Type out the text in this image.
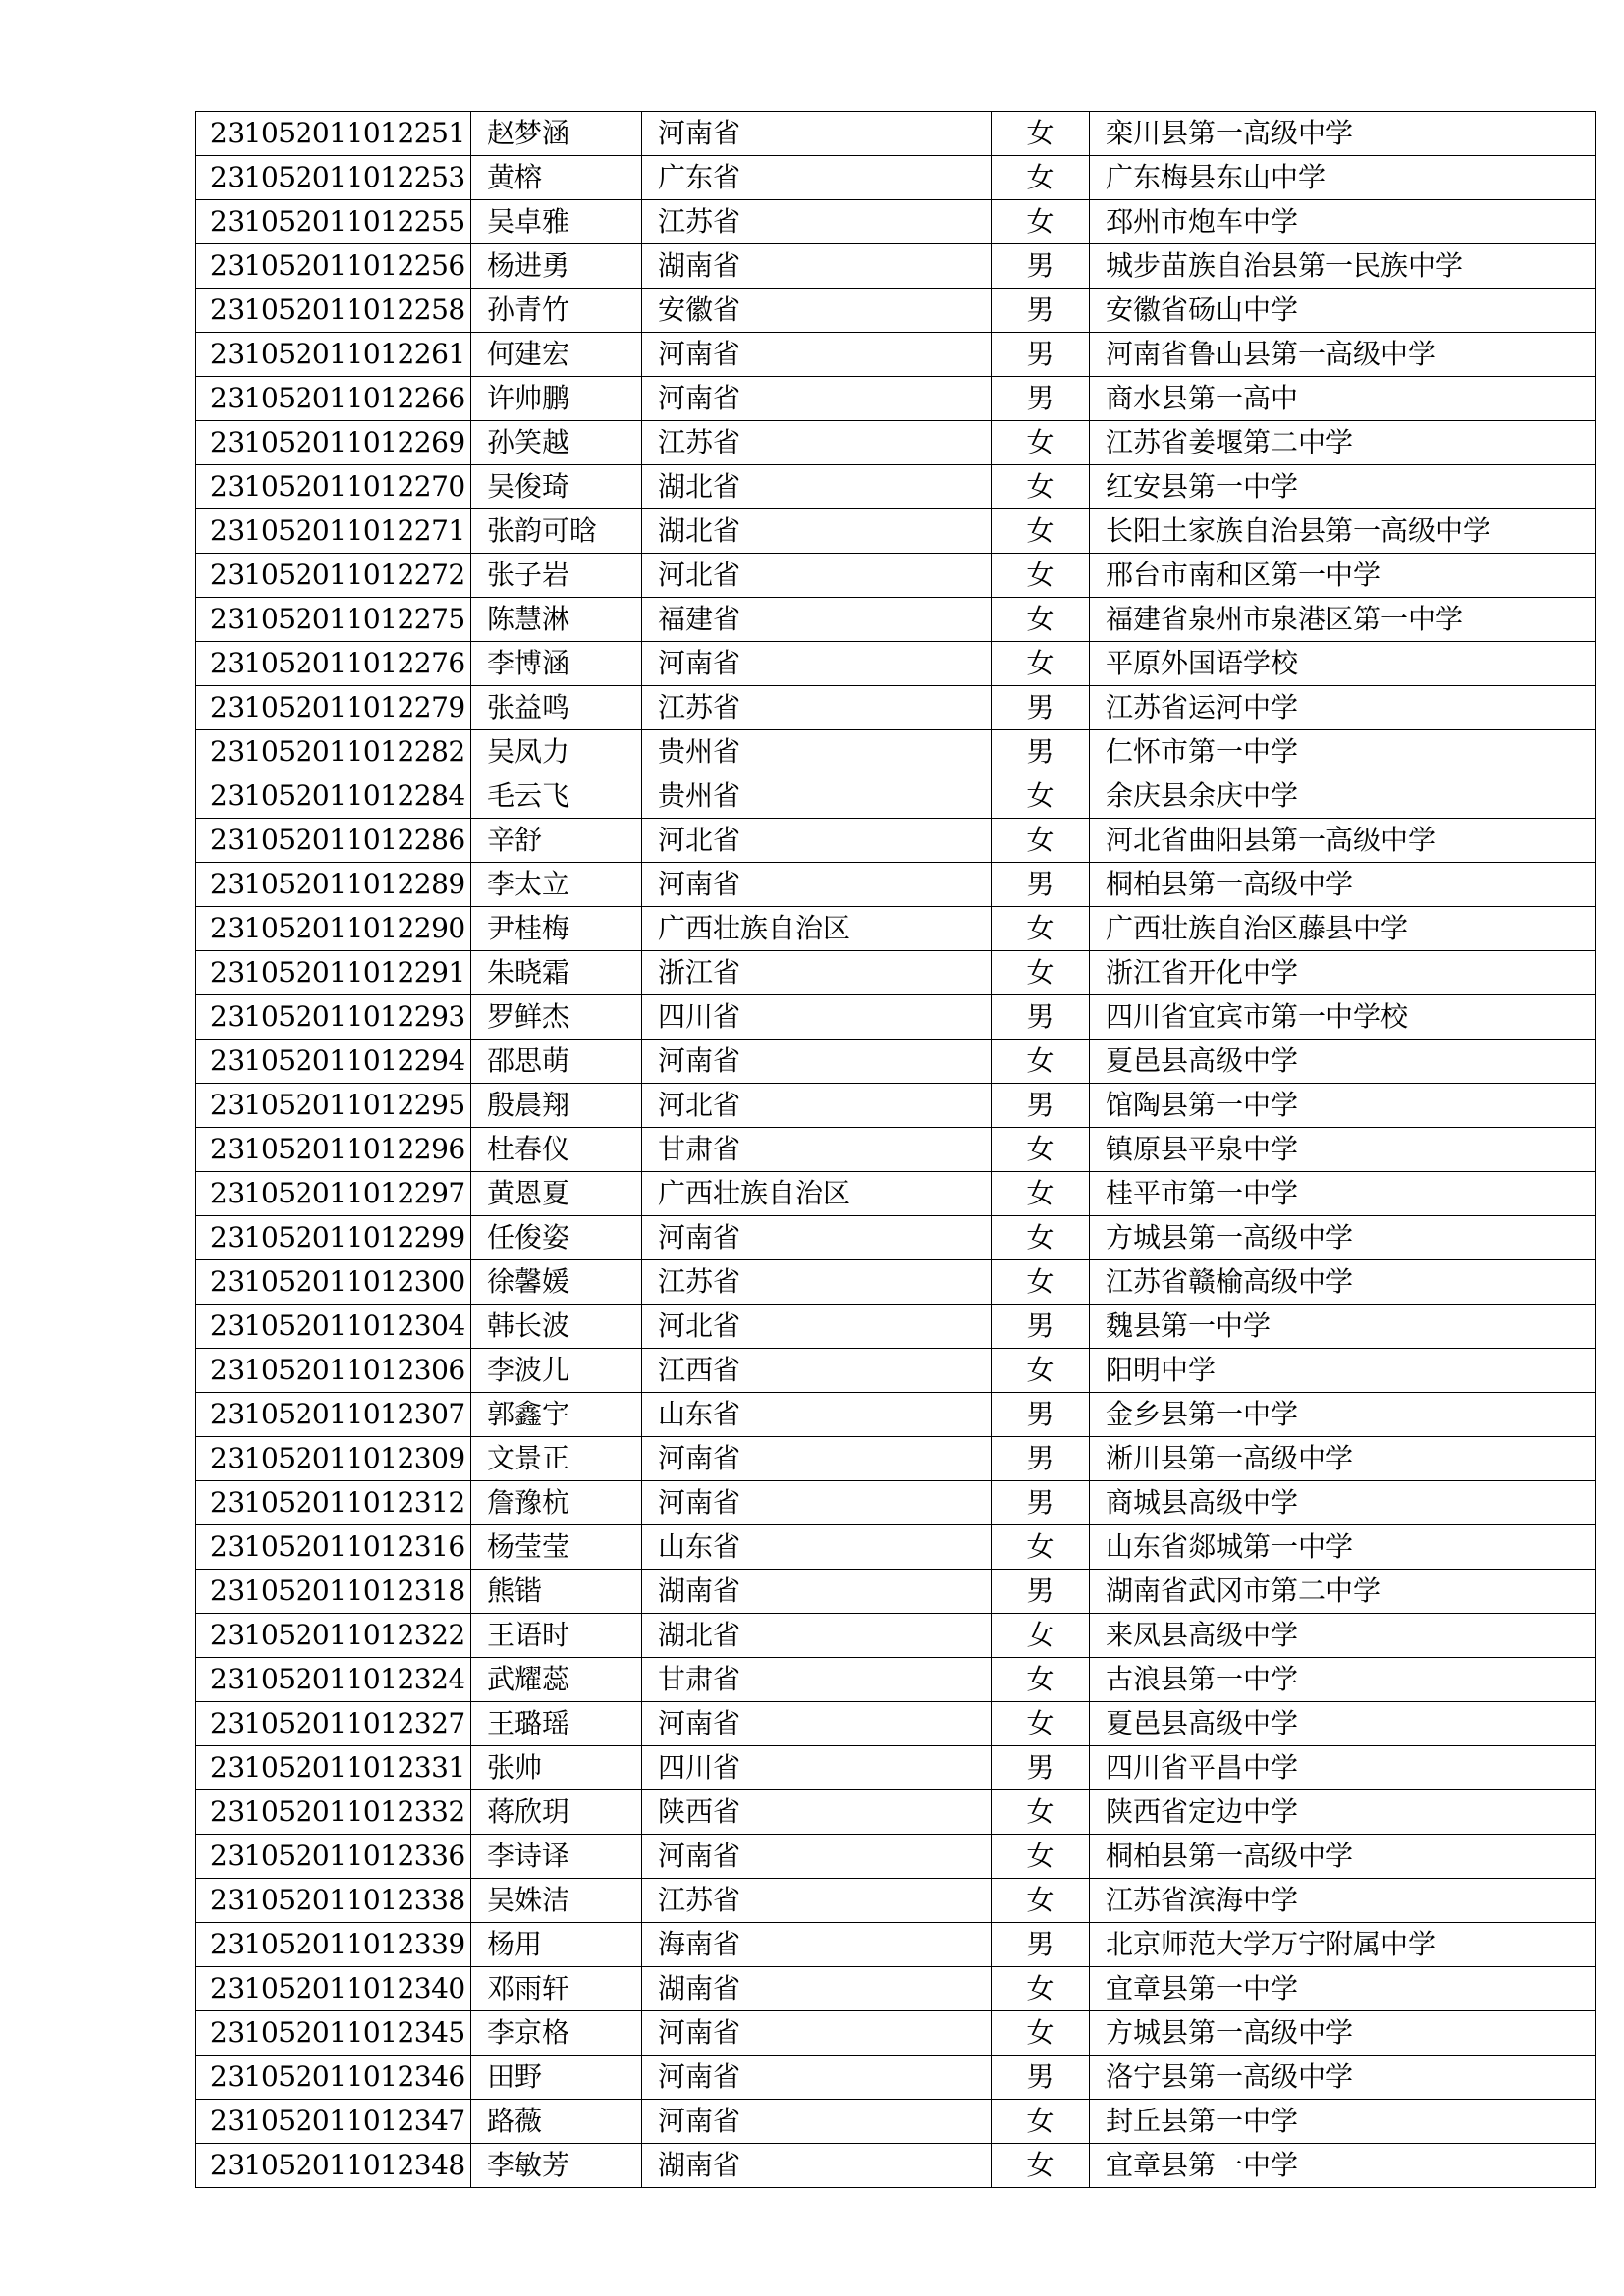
231052011012251	赵梦涵	河南省	女	栾川县第一高级中学
231052011012253	黄榕	广东省	女	广东梅县东山中学
231052011012255	吴卓雅	江苏省	女	邳州市炮车中学
231052011012256	杨进勇	湖南省	男	城步苗族自治县第一民族中学
231052011012258	孙青竹	安徽省	男	安徽省砀山中学
231052011012261	何建宏	河南省	男	河南省鲁山县第一高级中学
231052011012266	许帅鹏	河南省	男	商水县第一高中
231052011012269	孙笑越	江苏省	女	江苏省姜堰第二中学
231052011012270	吴俊琦	湖北省	女	红安县第一中学
231052011012271	张韵可晗	湖北省	女	长阳土家族自治县第一高级中学
231052011012272	张子岩	河北省	女	邢台市南和区第一中学
231052011012275	陈慧淋	福建省	女	福建省泉州市泉港区第一中学
231052011012276	李博涵	河南省	女	平原外国语学校
231052011012279	张益鸣	江苏省	男	江苏省运河中学
231052011012282	吴凤力	贵州省	男	仁怀市第一中学
231052011012284	毛云飞	贵州省	女	余庆县余庆中学
231052011012286	辛舒	河北省	女	河北省曲阳县第一高级中学
231052011012289	李太立	河南省	男	桐柏县第一高级中学
231052011012290	尹桂梅	广西壮族自治区	女	广西壮族自治区藤县中学
231052011012291	朱晓霜	浙江省	女	浙江省开化中学
231052011012293	罗鲜杰	四川省	男	四川省宜宾市第一中学校
231052011012294	邵思萌	河南省	女	夏邑县高级中学
231052011012295	殷晨翔	河北省	男	馆陶县第一中学
231052011012296	杜春仪	甘肃省	女	镇原县平泉中学
231052011012297	黄恩夏	广西壮族自治区	女	桂平市第一中学
231052011012299	任俊姿	河南省	女	方城县第一高级中学
231052011012300	徐馨媛	江苏省	女	江苏省赣榆高级中学
231052011012304	韩长波	河北省	男	魏县第一中学
231052011012306	李波儿	江西省	女	阳明中学
231052011012307	郭鑫宇	山东省	男	金乡县第一中学
231052011012309	文景正	河南省	男	淅川县第一高级中学
231052011012312	詹豫杭	河南省	男	商城县高级中学
231052011012316	杨莹莹	山东省	女	山东省郯城第一中学
231052011012318	熊锴	湖南省	男	湖南省武冈市第二中学
231052011012322	王语时	湖北省	女	来凤县高级中学
231052011012324	武耀蕊	甘肃省	女	古浪县第一中学
231052011012327	王璐瑶	河南省	女	夏邑县高级中学
231052011012331	张帅	四川省	男	四川省平昌中学
231052011012332	蒋欣玥	陕西省	女	陕西省定边中学
231052011012336	李诗译	河南省	女	桐柏县第一高级中学
231052011012338	吴姝洁	江苏省	女	江苏省滨海中学
231052011012339	杨用	海南省	男	北京师范大学万宁附属中学
231052011012340	邓雨轩	湖南省	女	宜章县第一中学
231052011012345	李京格	河南省	女	方城县第一高级中学
231052011012346	田野	河南省	男	洛宁县第一高级中学
231052011012347	路薇	河南省	女	封丘县第一中学
231052011012348	李敏芳	湖南省	女	宜章县第一中学
